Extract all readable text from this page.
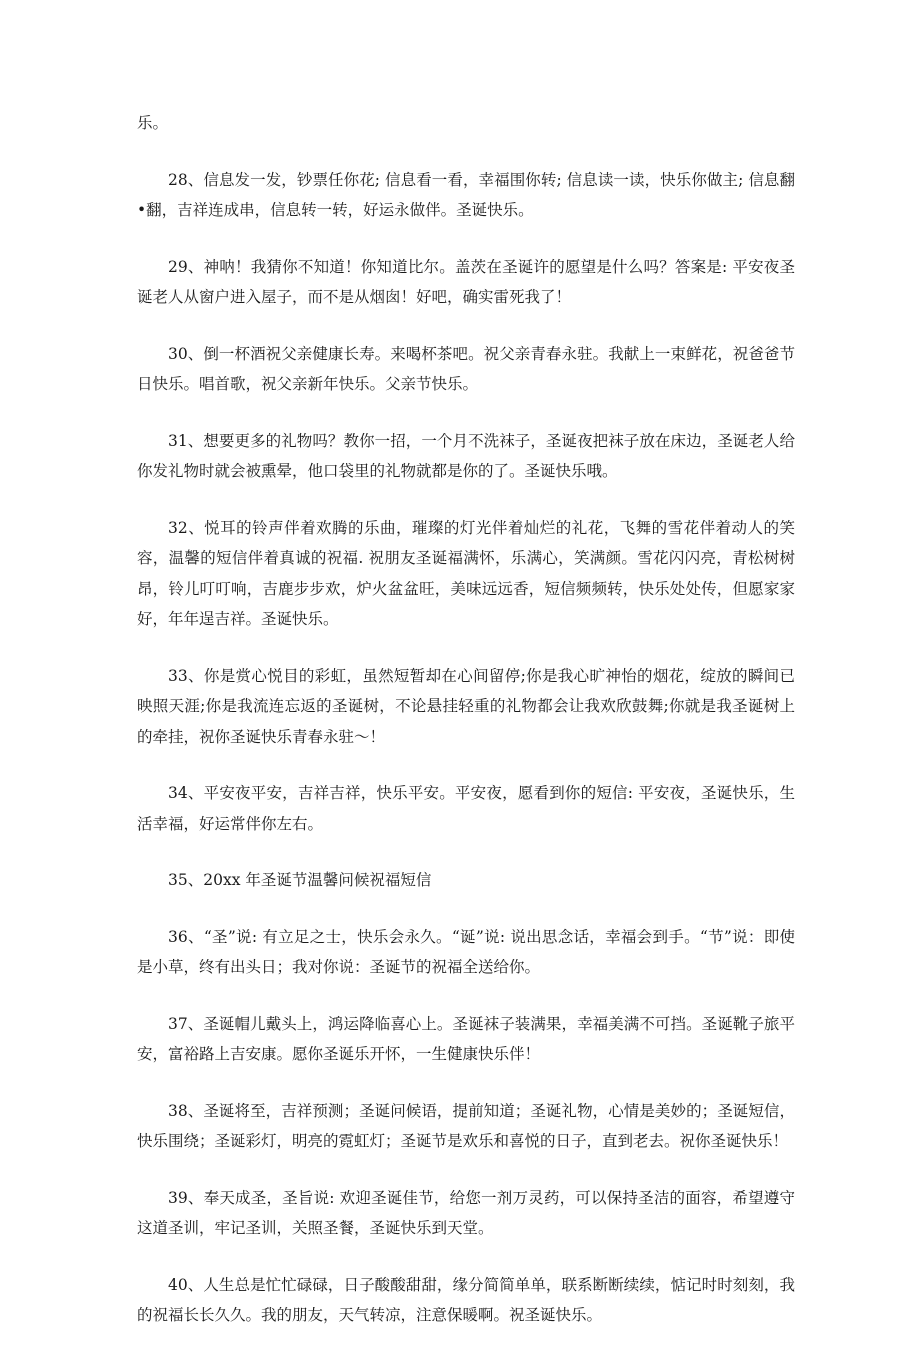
乐。

28、信息发一发，钞票任你花; 信息看一看，幸福围你转; 信息读一读，快乐你做主; 信息翻•翻，吉祥连成串，信息转一转，好运永做伴。圣诞快乐。

29、神呐！我猜你不知道！你知道比尔。盖茨在圣诞许的愿望是什么吗？答案是: 平安夜圣诞老人从窗户进入屋子，而不是从烟囱！好吧，确实雷死我了！

30、倒一杯酒祝父亲健康长寿。来喝杯茶吧。祝父亲青春永驻。我献上一束鲜花，祝爸爸节日快乐。唱首歌，祝父亲新年快乐。父亲节快乐。

31、想要更多的礼物吗？教你一招，一个月不洗袜子，圣诞夜把袜子放在床边，圣诞老人给你发礼物时就会被熏晕，他口袋里的礼物就都是你的了。圣诞快乐哦。

32、悦耳的铃声伴着欢腾的乐曲，璀璨的灯光伴着灿烂的礼花，飞舞的雪花伴着动人的笑容，温馨的短信伴着真诚的祝福. 祝朋友圣诞福满怀，乐满心，笑满颜。雪花闪闪亮，青松树树昂，铃儿叮叮响，吉鹿步步欢，炉火盆盆旺，美味远远香，短信频频转，快乐处处传，但愿家家好，年年逞吉祥。圣诞快乐。

33、你是赏心悦目的彩虹，虽然短暂却在心间留停;你是我心旷神怡的烟花，绽放的瞬间已映照天涯;你是我流连忘返的圣诞树，不论悬挂轻重的礼物都会让我欢欣鼓舞;你就是我圣诞树上的牵挂，祝你圣诞快乐青春永驻～！

34、平安夜平安，吉祥吉祥，快乐平安。平安夜，愿看到你的短信: 平安夜，圣诞快乐，生活幸福，好运常伴你左右。

35、20xx 年圣诞节温馨问候祝福短信

36、“圣”说: 有立足之士，快乐会永久。“诞”说: 说出思念话，幸福会到手。“节”说：即使是小草，终有出头日；我对你说：圣诞节的祝福全送给你。

37、圣诞帽儿戴头上，鸿运降临喜心上。圣诞袜子装满果，幸福美满不可挡。圣诞靴子旅平安，富裕路上吉安康。愿你圣诞乐开怀，一生健康快乐伴！

38、圣诞将至，吉祥预测；圣诞问候语，提前知道；圣诞礼物，心情是美妙的；圣诞短信，快乐围绕；圣诞彩灯，明亮的霓虹灯；圣诞节是欢乐和喜悦的日子，直到老去。祝你圣诞快乐！

39、奉天成圣，圣旨说: 欢迎圣诞佳节，给您一剂万灵药，可以保持圣洁的面容，希望遵守这道圣训，牢记圣训，关照圣餐，圣诞快乐到天堂。

40、人生总是忙忙碌碌，日子酸酸甜甜，缘分简简单单，联系断断续续，惦记时时刻刻，我的祝福长长久久。我的朋友，天气转凉，注意保暖啊。祝圣诞快乐。
